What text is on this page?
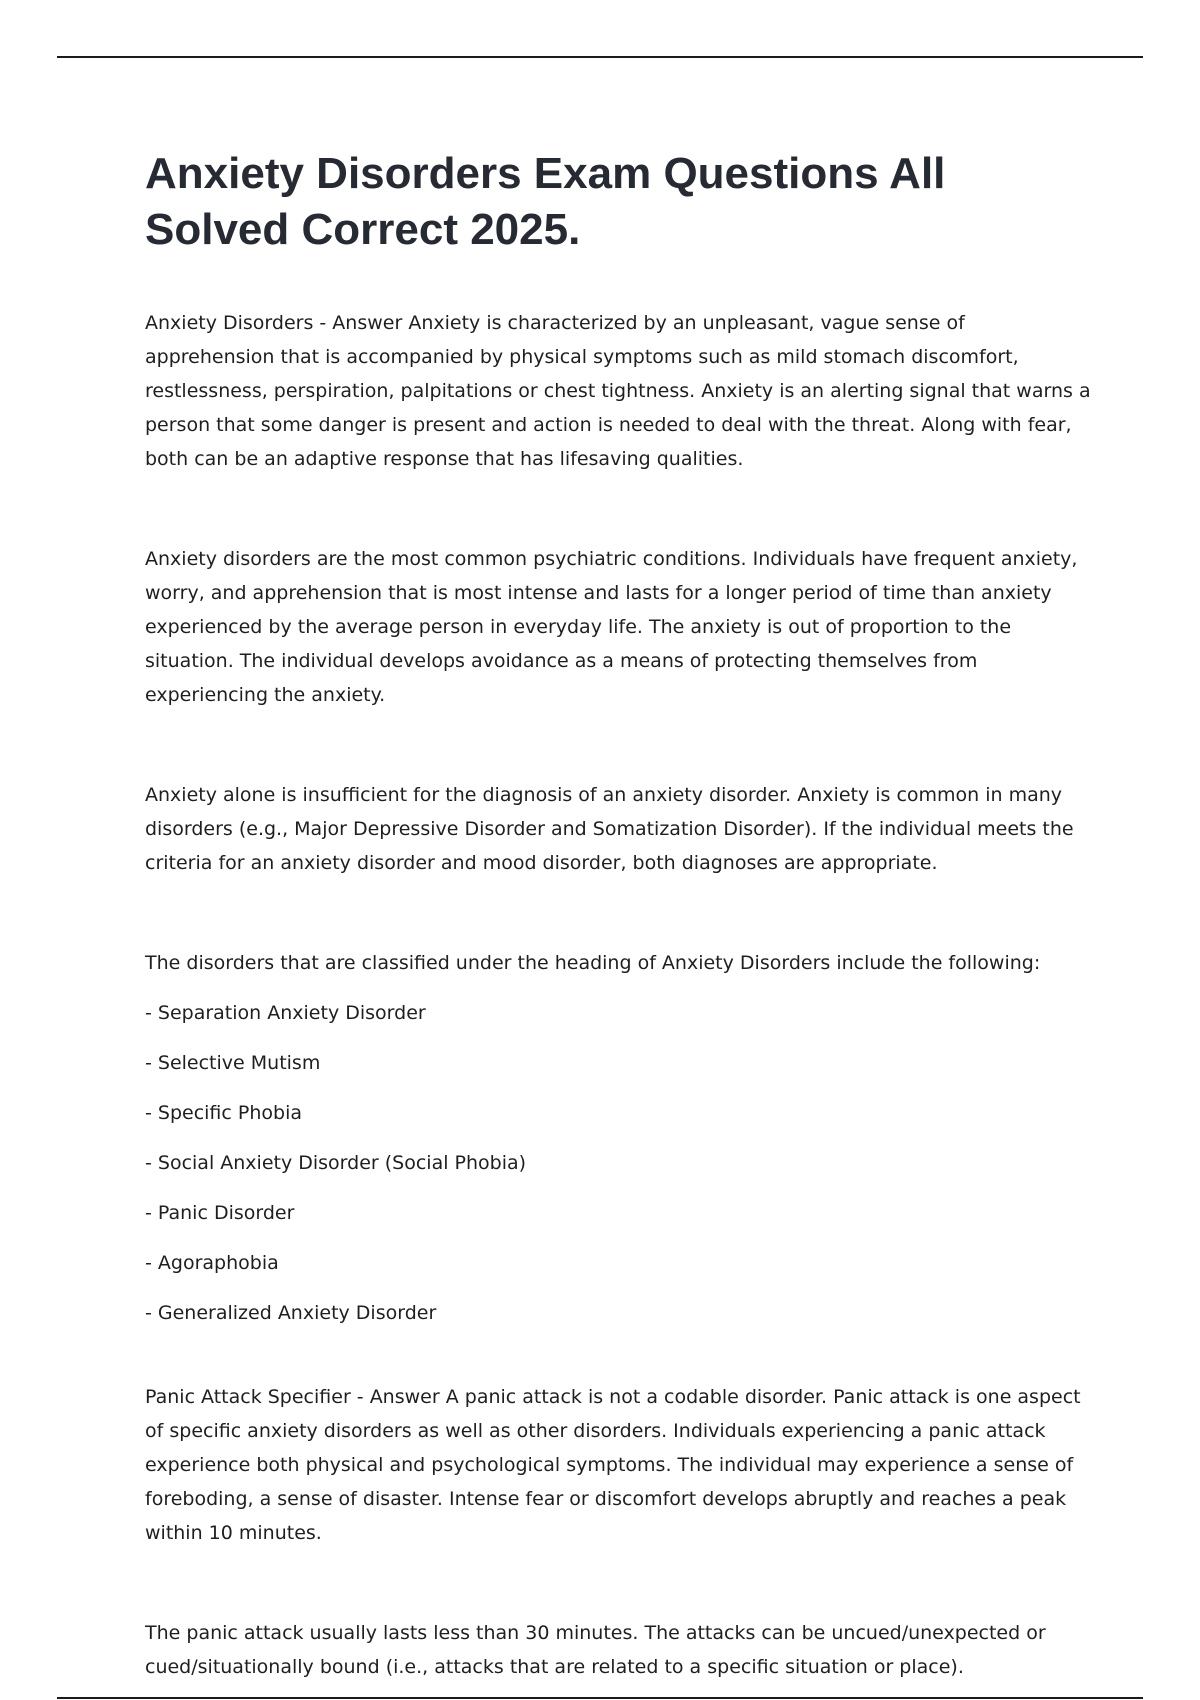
Anxiety Disorders Exam Questions All Solved Correct 2025.

Anxiety Disorders - Answer Anxiety is characterized by an unpleasant, vague sense of apprehension that is accompanied by physical symptoms such as mild stomach discomfort, restlessness, perspiration, palpitations or chest tightness. Anxiety is an alerting signal that warns a person that some danger is present and action is needed to deal with the threat. Along with fear, both can be an adaptive response that has lifesaving qualities.

Anxiety disorders are the most common psychiatric conditions. Individuals have frequent anxiety, worry, and apprehension that is most intense and lasts for a longer period of time than anxiety experienced by the average person in everyday life. The anxiety is out of proportion to the situation. The individual develops avoidance as a means of protecting themselves from experiencing the anxiety.

Anxiety alone is insufficient for the diagnosis of an anxiety disorder. Anxiety is common in many disorders (e.g., Major Depressive Disorder and Somatization Disorder). If the individual meets the criteria for an anxiety disorder and mood disorder, both diagnoses are appropriate.

The disorders that are classified under the heading of Anxiety Disorders include the following:

- Separation Anxiety Disorder
- Selective Mutism
- Specific Phobia
- Social Anxiety Disorder (Social Phobia)
- Panic Disorder
- Agoraphobia
- Generalized Anxiety Disorder

Panic Attack Specifier - Answer A panic attack is not a codable disorder. Panic attack is one aspect of specific anxiety disorders as well as other disorders. Individuals experiencing a panic attack experience both physical and psychological symptoms. The individual may experience a sense of foreboding, a sense of disaster. Intense fear or discomfort develops abruptly and reaches a peak within 10 minutes.

The panic attack usually lasts less than 30 minutes. The attacks can be uncued/unexpected or cued/situationally bound (i.e., attacks that are related to a specific situation or place).
